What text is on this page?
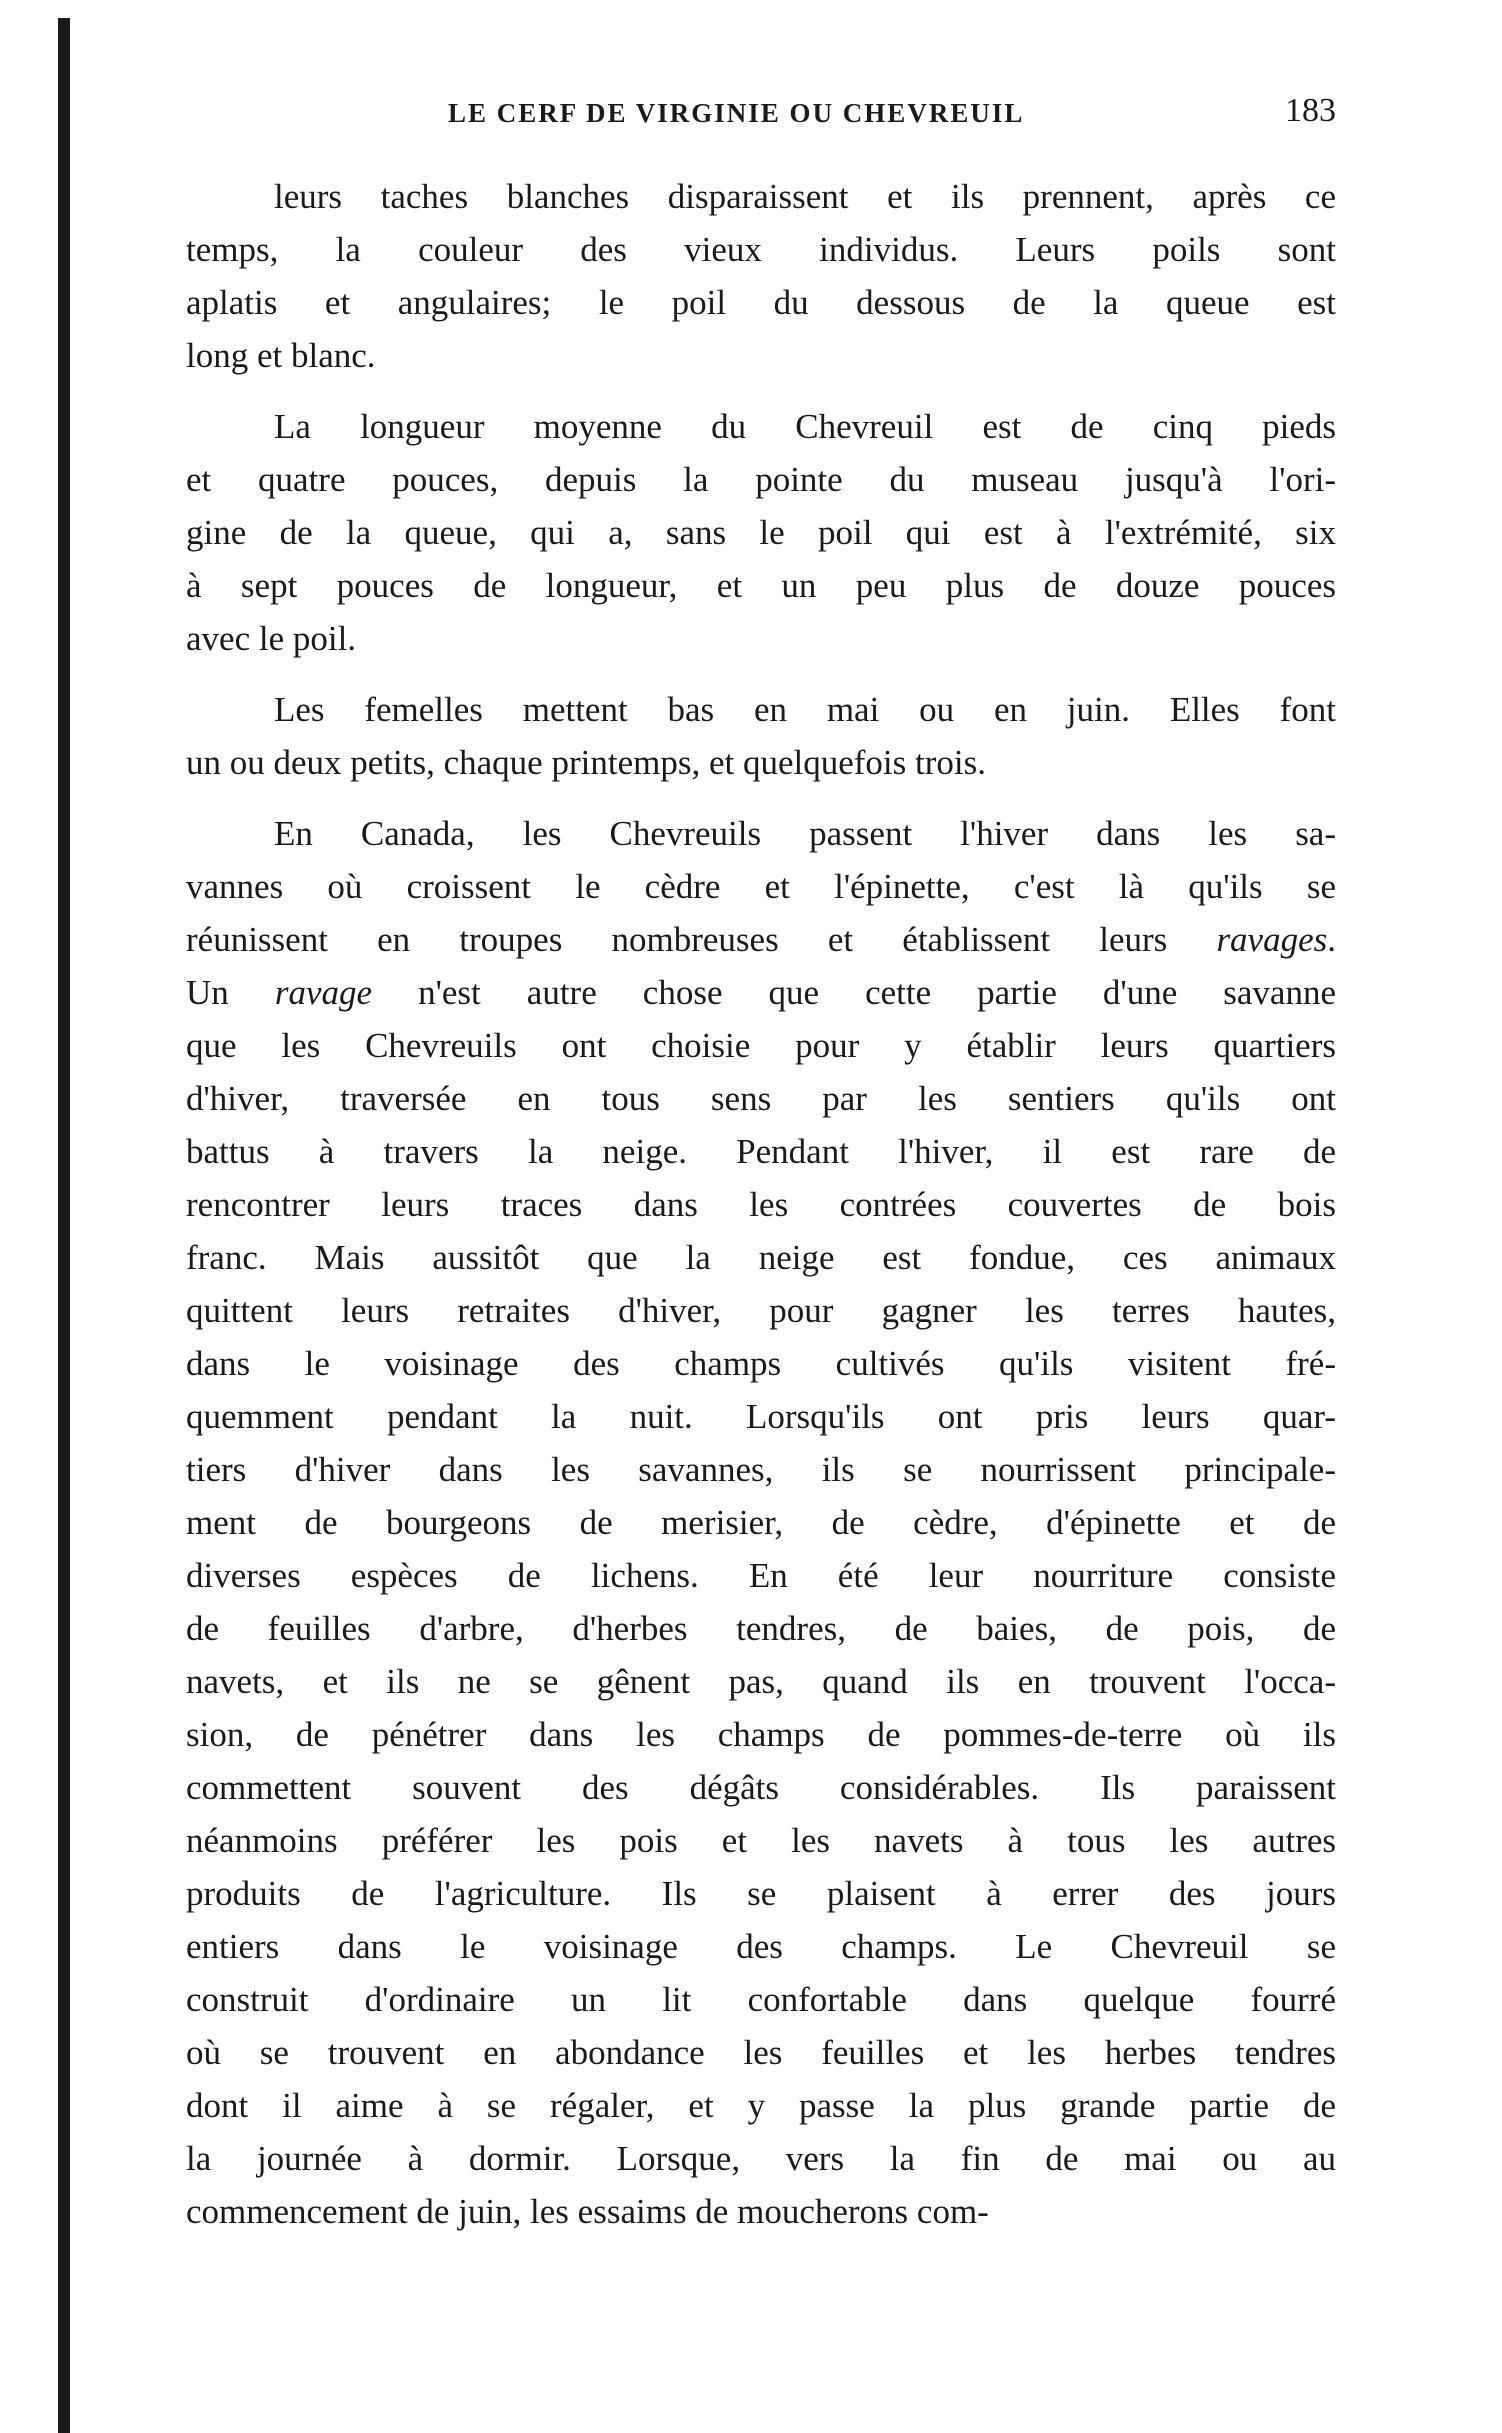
LE CERF DE VIRGINIE OU CHEVREUIL	183
leurs taches blanches disparaissent et ils prennent, après ce
temps, la couleur des vieux individus. Leurs poils sont
aplatis et angulaires; le poil du dessous de la queue est
long et blanc.
La longueur moyenne du Chevreuil est de cinq pieds
et quatre pouces, depuis la pointe du museau jusqu'à l'ori-
gine de la queue, qui a, sans le poil qui est à l'extrémité, six
à sept pouces de longueur, et un peu plus de douze pouces
avec le poil.
Les femelles mettent bas en mai ou en juin. Elles font
un ou deux petits, chaque printemps, et quelquefois trois.
En Canada, les Chevreuils passent l'hiver dans les sa-
vannes où croissent le cèdre et l'épinette, c'est là qu'ils se
réunissent en troupes nombreuses et établissent leurs ravages.
Un ravage n'est autre chose que cette partie d'une savanne
que les Chevreuils ont choisie pour y établir leurs quartiers
d'hiver, traversée en tous sens par les sentiers qu'ils ont
battus à travers la neige. Pendant l'hiver, il est rare de
rencontrer leurs traces dans les contrées couvertes de bois
franc. Mais aussitôt que la neige est fondue, ces animaux
quittent leurs retraites d'hiver, pour gagner les terres hautes,
dans le voisinage des champs cultivés qu'ils visitent fré-
quemment pendant la nuit. Lorsqu'ils ont pris leurs quar-
tiers d'hiver dans les savannes, ils se nourrissent principale-
ment de bourgeons de merisier, de cèdre, d'épinette et de
diverses espèces de lichens. En été leur nourriture consiste
de feuilles d'arbre, d'herbes tendres, de baies, de pois, de
navets, et ils ne se gênent pas, quand ils en trouvent l'occa-
sion, de pénétrer dans les champs de pommes-de-terre où ils
commettent souvent des dégâts considérables. Ils paraissent
néanmoins préférer les pois et les navets à tous les autres
produits de l'agriculture. Ils se plaisent à errer des jours
entiers dans le voisinage des champs. Le Chevreuil se
construit d'ordinaire un lit confortable dans quelque fourré
où se trouvent en abondance les feuilles et les herbes tendres
dont il aime à se régaler, et y passe la plus grande partie de
la journée à dormir. Lorsque, vers la fin de mai ou au
commencement de juin, les essaims de moucherons com-
